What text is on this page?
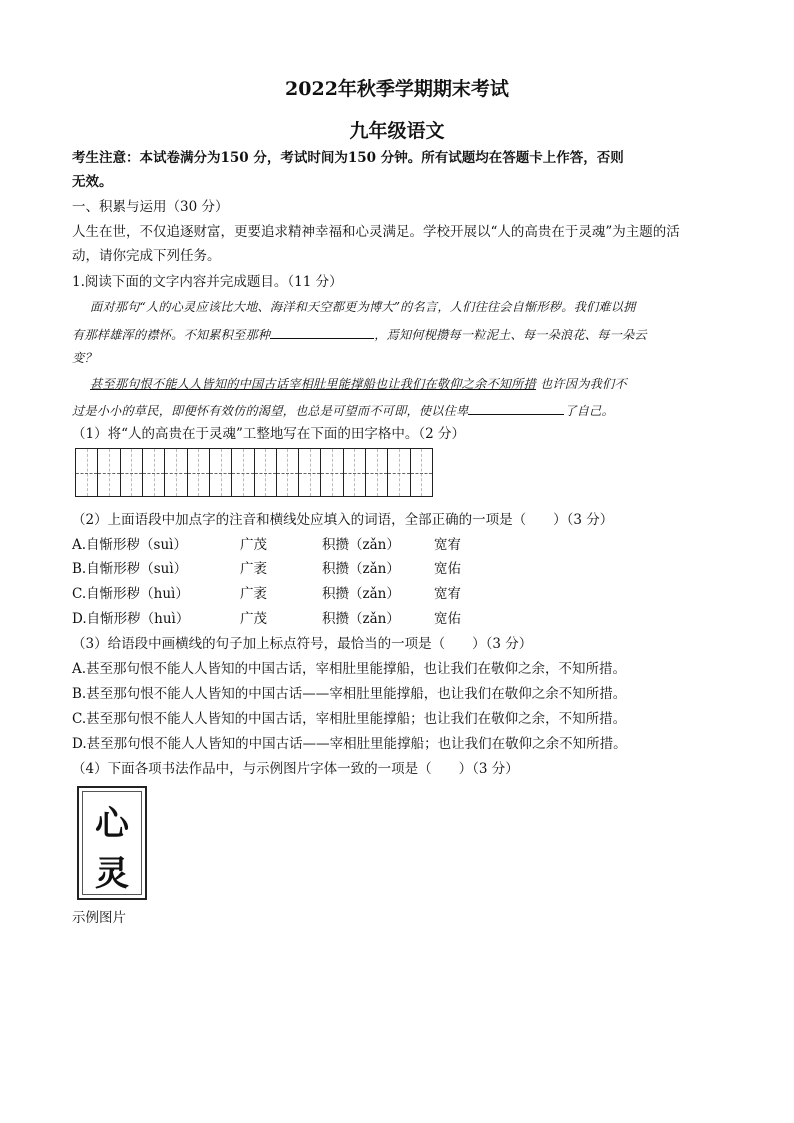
2022年秋季学期期末考试
九年级语文
考生注意：本试卷满分为150 分，考试时间为150 分钟。所有试题均在答题卡上作答，否则
无效。
一、积累与运用（30 分）
人生在世，不仅追逐财富，更要追求精神幸福和心灵满足。学校开展以“人的高贵在于灵魂”为主题的活
动，请你完成下列任务。
1.阅读下面的文字内容并完成题目。（11 分）
面对那句“人的心灵应该比大地、海洋和天空都更为博大”的名言，人们往往会自惭形秽。我们难以拥
有那样雄浑的襟怀。不知累积至那种	，焉知何枧攒每一粒泥土、每一朵浪花、每一朵云
变？
甚至那句恨不能人人皆知的中国古话宰相肚里能撑船也让我们在敬仰之余不知所措 也许因为我们不
过是小小的草民，即便怀有效仿的渴望，也总是可望而不可即，使以住卑	了自己。
（1）将“人的高贵在于灵魂”工整地写在下面的田字格中。（2 分）
（2）上面语段中加点字的注音和横线处应填入的词语，全部正确的一项是（　　）（3 分）
A.自惭形秽（suì）	广茂	积攒（zǎn）	宽宥
B.自惭形秽（suì）	广袤	积攒（zǎn）	宽佑
C.自惭形秽（huì）	广袤	积攒（zǎn）	宽宥
D.自惭形秽（huì）	广茂	积攒（zǎn）	宽佑
（3）给语段中画横线的句子加上标点符号，最恰当的一项是（　　）（3 分）
A.甚至那句恨不能人人皆知的中国古话，宰相肚里能撑船，也让我们在敬仰之余，不知所措。
B.甚至那句恨不能人人皆知的中国古话——宰相肚里能撑船，也让我们在敬仰之余不知所措。
C.甚至那句恨不能人人皆知的中国古话，宰相肚里能撑船；也让我们在敬仰之余，不知所措。
D.甚至那句恨不能人人皆知的中国古话——宰相肚里能撑船；也让我们在敬仰之余不知所措。
（4）下面各项书法作品中，与示例图片字体一致的一项是（　　）（3 分）
心
灵
示例图片
